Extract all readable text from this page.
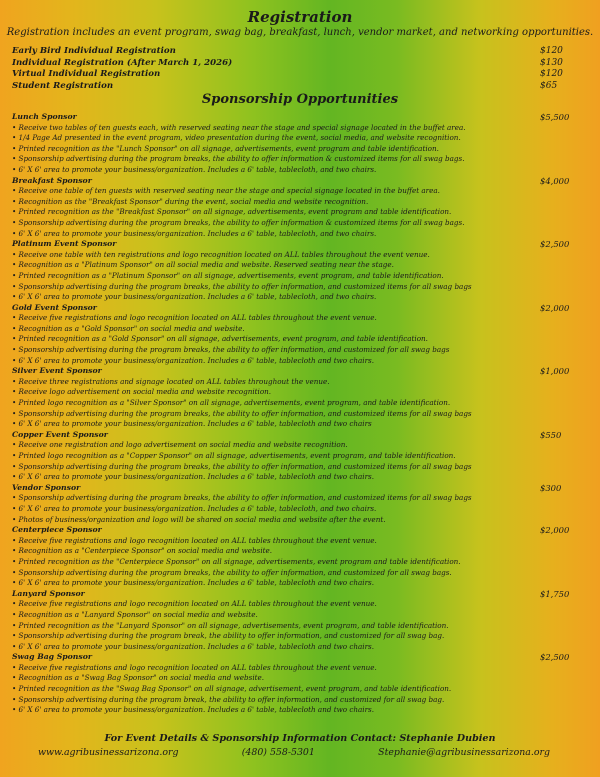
Registration
Registration includes an event program, swag bag, breakfast, lunch, vendor market, and networking opportunities.
Early Bird Individual Registration	$120
Individual Registration (After March 1, 2026)	$130
Virtual Individual Registration	$120
Student Registration	$65
Sponsorship Opportunities
Lunch Sponsor	$5,500
• Receive two tables of ten guests each, with reserved seating near the stage and special signage located in the buffet area.
• 1/4 Page Ad presented in the event program, video presentation during the event, social media, and website recognition.
• Printed recognition as the "Lunch Sponsor" on all signage, advertisements, event program and table identification.
• Sponsorship advertising during the program breaks, the ability to offer information & customized items for all swag bags.
• 6' X 6' area to promote your business/organization. Includes a 6' table, tablecloth, and two chairs.
Breakfast Sponsor	$4,000
• Receive one table of ten guests with reserved seating near the stage and special signage located in the buffet area.
• Recognition as the "Breakfast Sponsor" during the event, social media and website recognition.
• Printed recognition as the "Breakfast Sponsor" on all signage, advertisements, event program and table identification.
• Sponsorship advertising during the program breaks, the ability to offer information & customized items for all swag bags.
• 6' X 6' area to promote your business/organization. Includes a 6' table, tablecloth, and two chairs.
Platinum Event Sponsor	$2,500
• Receive one table with ten registrations and logo recognition located on ALL tables throughout the event venue.
• Recognition as a "Platinum Sponsor" on all social media and website. Reserved seating near the stage.
• Printed recognition as a "Platinum Sponsor" on all signage, advertisements, event program, and table identification.
• Sponsorship advertising during the program breaks, the ability to offer information, and customized items for all swag bags
• 6' X 6' area to promote your business/organization. Includes a 6' table, tablecloth, and two chairs.
Gold Event Sponsor	$2,000
• Receive five registrations and logo recognition located on ALL tables throughout the event venue.
• Recognition as a "Gold Sponsor" on social media and website.
• Printed recognition as a "Gold Sponsor" on all signage, advertisements, event program, and table identification.
• Sponsorship advertising during the program breaks, the ability to offer information, and customized for all swag bags
• 6' X 6' area to promote your business/organization. Includes a 6' table, tablecloth and two chairs.
Silver Event Sponsor	$1,000
• Receive three registrations and signage located on ALL tables throughout the venue.
• Receive logo advertisement on social media and website recognition.
• Printed logo recognition as a "Silver Sponsor" on all signage, advertisements, event program, and table identification.
• Sponsorship advertising during the program breaks, the ability to offer information, and customized items for all swag bags
• 6' X 6' area to promote your business/organization. Includes a 6' table, tablecloth and two chairs
Copper Event Sponsor	$550
• Receive one registration and logo advertisement on social media and website recognition.
• Printed logo recognition as a "Copper Sponsor" on all signage, advertisements, event program, and table identification.
• Sponsorship advertising during the program breaks, the ability to offer information, and customized items for all swag bags
• 6' X 6' area to promote your business/organization. Includes a 6' table, tablecloth and two chairs.
Vendor Sponsor	$300
• Sponsorship advertising during the program breaks, the ability to offer information, and customized items for all swag bags
• 6' X 6' area to promote your business/organization. Includes a 6' table, tablecloth, and two chairs.
• Photos of business/organization and logo will be shared on social media and website after the event.
Centerpiece Sponsor	$2,000
• Receive five registrations and logo recognition located on ALL tables throughout the event venue.
• Recognition as a "Centerpiece Sponsor" on social media and website.
• Printed recognition as the "Centerpiece Sponsor" on all signage, advertisements, event program and table identification.
• Sponsorship advertising during the program breaks, the ability to offer information, and customized for all swag bags.
• 6' X 6' area to promote your business/organization. Includes a 6' table, tablecloth and two chairs.
Lanyard Sponsor	$1,750
• Receive five registrations and logo recognition located on ALL tables throughout the event venue.
• Recognition as a "Lanyard Sponsor" on social media and website.
• Printed recognition as the "Lanyard Sponsor" on all signage, advertisements, event program, and table identification.
• Sponsorship advertising during the program break, the ability to offer information, and customized for all swag bag.
• 6' X 6' area to promote your business/organization. Includes a 6' table, tablecloth and two chairs.
Swag Bag Sponsor	$2,500
• Receive five registrations and logo recognition located on ALL tables throughout the event venue.
• Recognition as a "Swag Bag Sponsor" on social media and website.
• Printed recognition as the "Swag Bag Sponsor" on all signage, advertisement, event program, and table identification.
• Sponsorship advertising during the program break, the ability to offer information, and customized for all swag bag.
• 6' X 6' area to promote your business/organization. Includes a 6' table, tablecloth and two chairs.
For Event Details & Sponsorship Information Contact: Stephanie Dubien
www.agribusinessarizona.org	(480) 558-5301	Stephanie@agribusinessarizona.org
